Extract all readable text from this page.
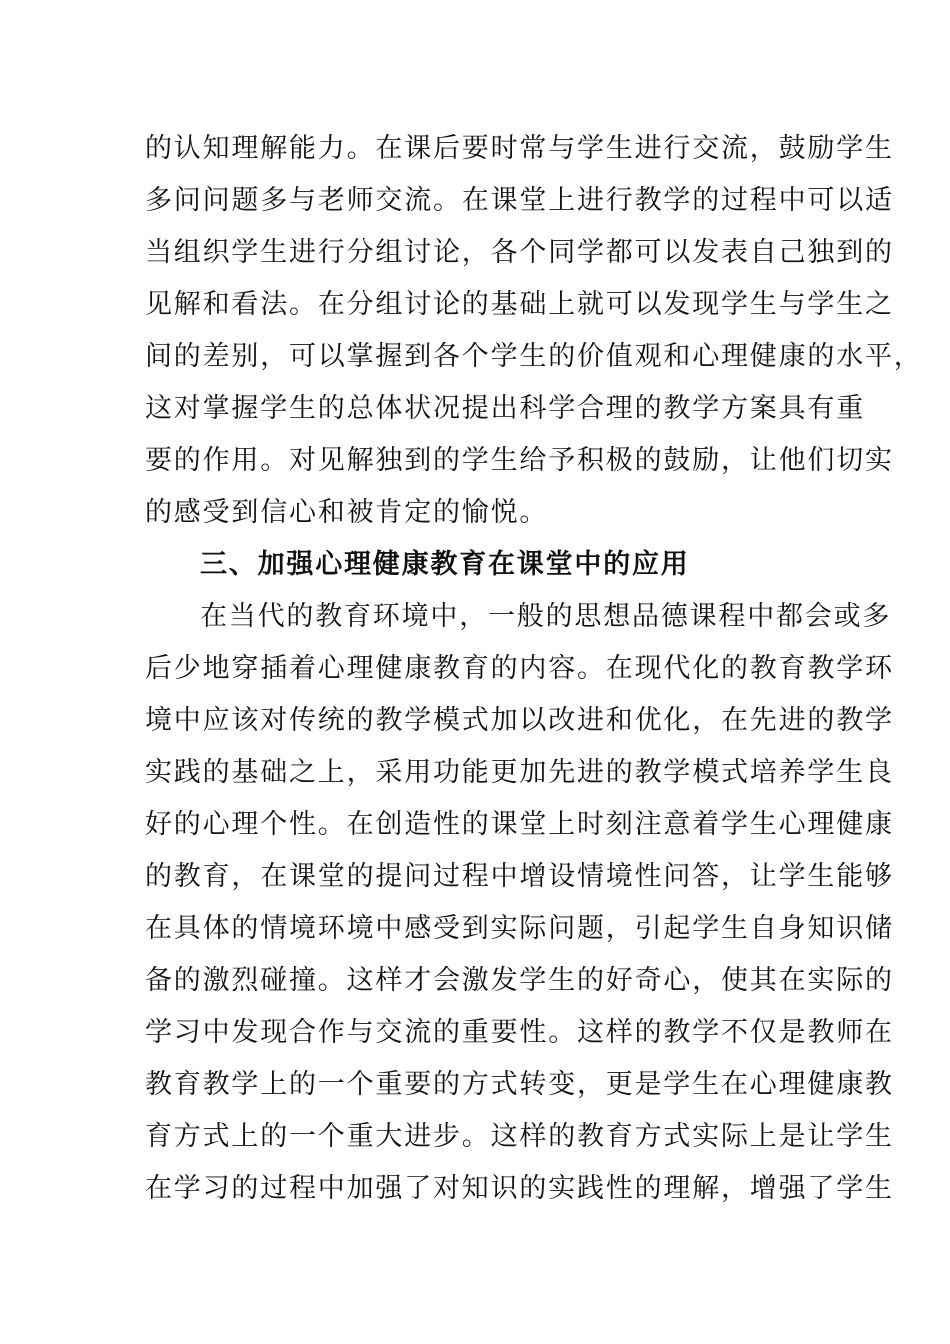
的认知理解能力。在课后要时常与学生进行交流，鼓励学生
多问问题多与老师交流。在课堂上进行教学的过程中可以适
当组织学生进行分组讨论，各个同学都可以发表自己独到的
见解和看法。在分组讨论的基础上就可以发现学生与学生之
间的差别，可以掌握到各个学生的价值观和心理健康的水平，
这对掌握学生的总体状况提出科学合理的教学方案具有重
要的作用。对见解独到的学生给予积极的鼓励，让他们切实
的感受到信心和被肯定的愉悦。
三、加强心理健康教育在课堂中的应用
在当代的教育环境中，一般的思想品德课程中都会或多
后少地穿插着心理健康教育的内容。在现代化的教育教学环
境中应该对传统的教学模式加以改进和优化，在先进的教学
实践的基础之上，采用功能更加先进的教学模式培养学生良
好的心理个性。在创造性的课堂上时刻注意着学生心理健康
的教育，在课堂的提问过程中增设情境性问答，让学生能够
在具体的情境环境中感受到实际问题，引起学生自身知识储
备的激烈碰撞。这样才会激发学生的好奇心，使其在实际的
学习中发现合作与交流的重要性。这样的教学不仅是教师在
教育教学上的一个重要的方式转变，更是学生在心理健康教
育方式上的一个重大进步。这样的教育方式实际上是让学生
在学习的过程中加强了对知识的实践性的理解，增强了学生
